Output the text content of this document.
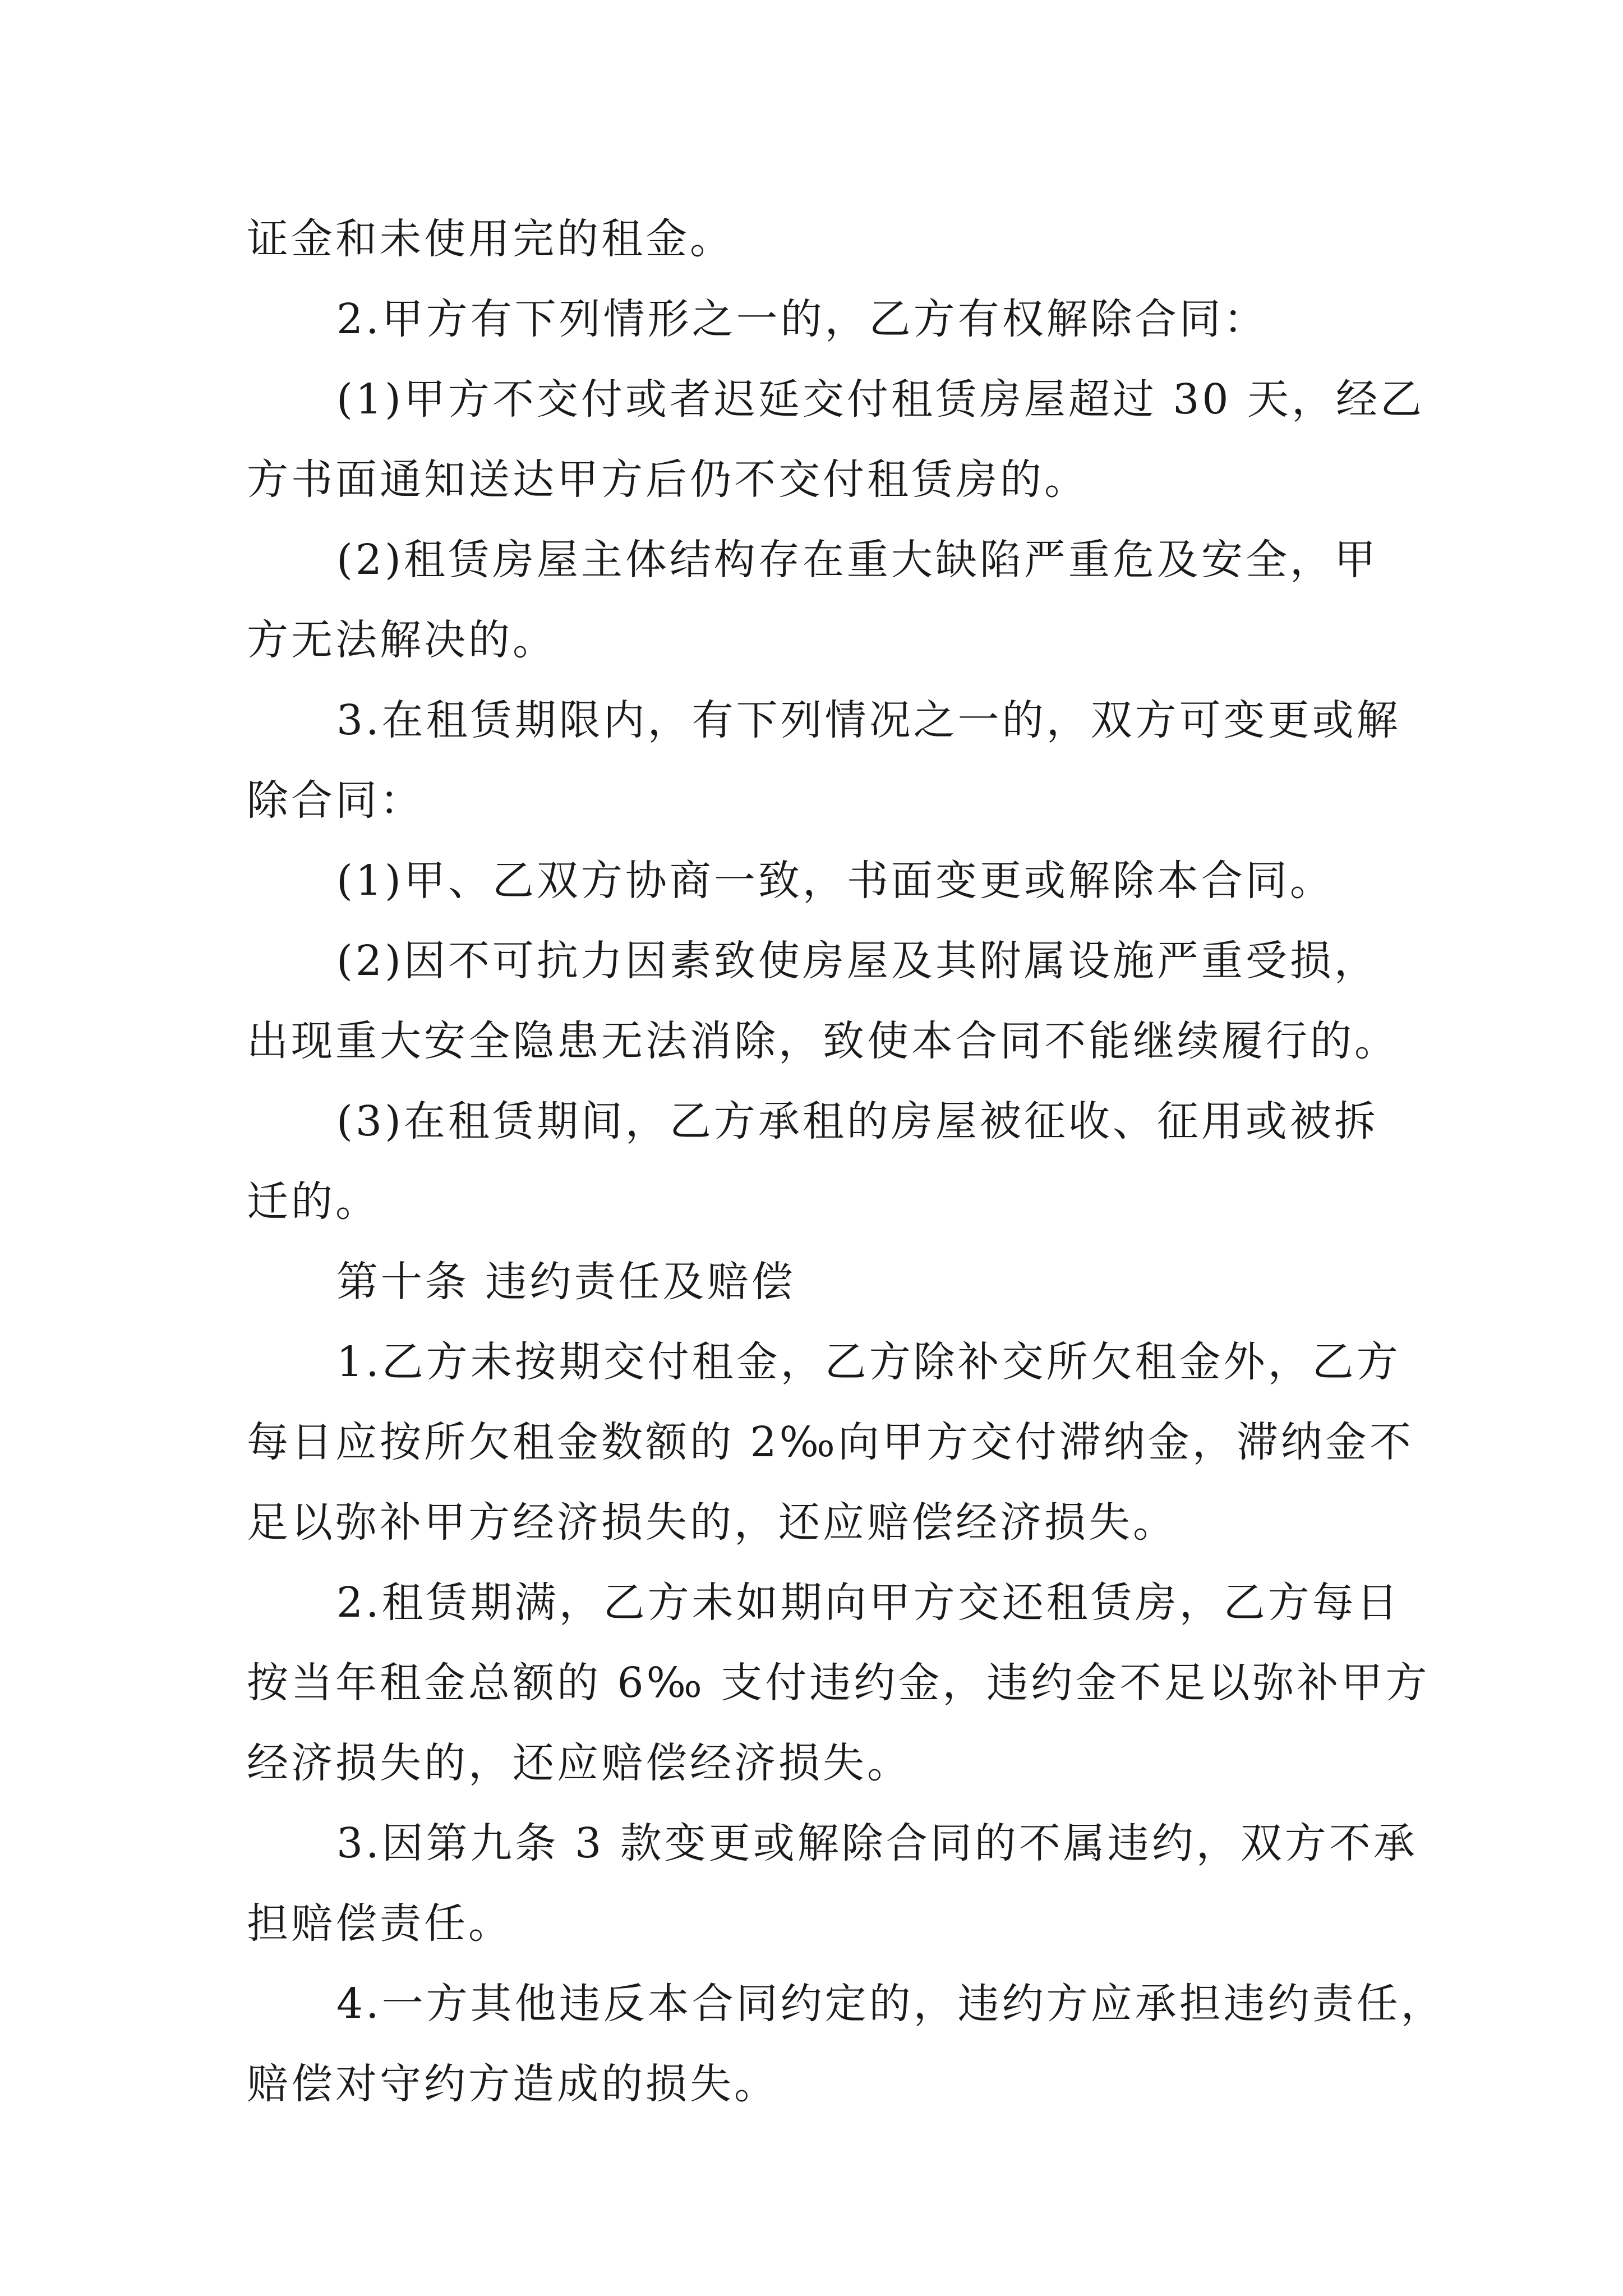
证金和未使用完的租金。
2.甲方有下列情形之一的，乙方有权解除合同：
(1)甲方不交付或者迟延交付租赁房屋超过 30 天，经乙
方书面通知送达甲方后仍不交付租赁房的。
(2)租赁房屋主体结构存在重大缺陷严重危及安全，甲
方无法解决的。
3.在租赁期限内，有下列情况之一的，双方可变更或解
除合同：
(1)甲、乙双方协商一致，书面变更或解除本合同。
(2)因不可抗力因素致使房屋及其附属设施严重受损，
出现重大安全隐患无法消除，致使本合同不能继续履行的。
(3)在租赁期间，乙方承租的房屋被征收、征用或被拆
迁的。
第十条 违约责任及赔偿
1.乙方未按期交付租金，乙方除补交所欠租金外，乙方
每日应按所欠租金数额的 2‰向甲方交付滞纳金，滞纳金不
足以弥补甲方经济损失的，还应赔偿经济损失。
2.租赁期满，乙方未如期向甲方交还租赁房，乙方每日
按当年租金总额的 6‰ 支付违约金，违约金不足以弥补甲方
经济损失的，还应赔偿经济损失。
3.因第九条 3 款变更或解除合同的不属违约，双方不承
担赔偿责任。
4.一方其他违反本合同约定的，违约方应承担违约责任，
赔偿对守约方造成的损失。
